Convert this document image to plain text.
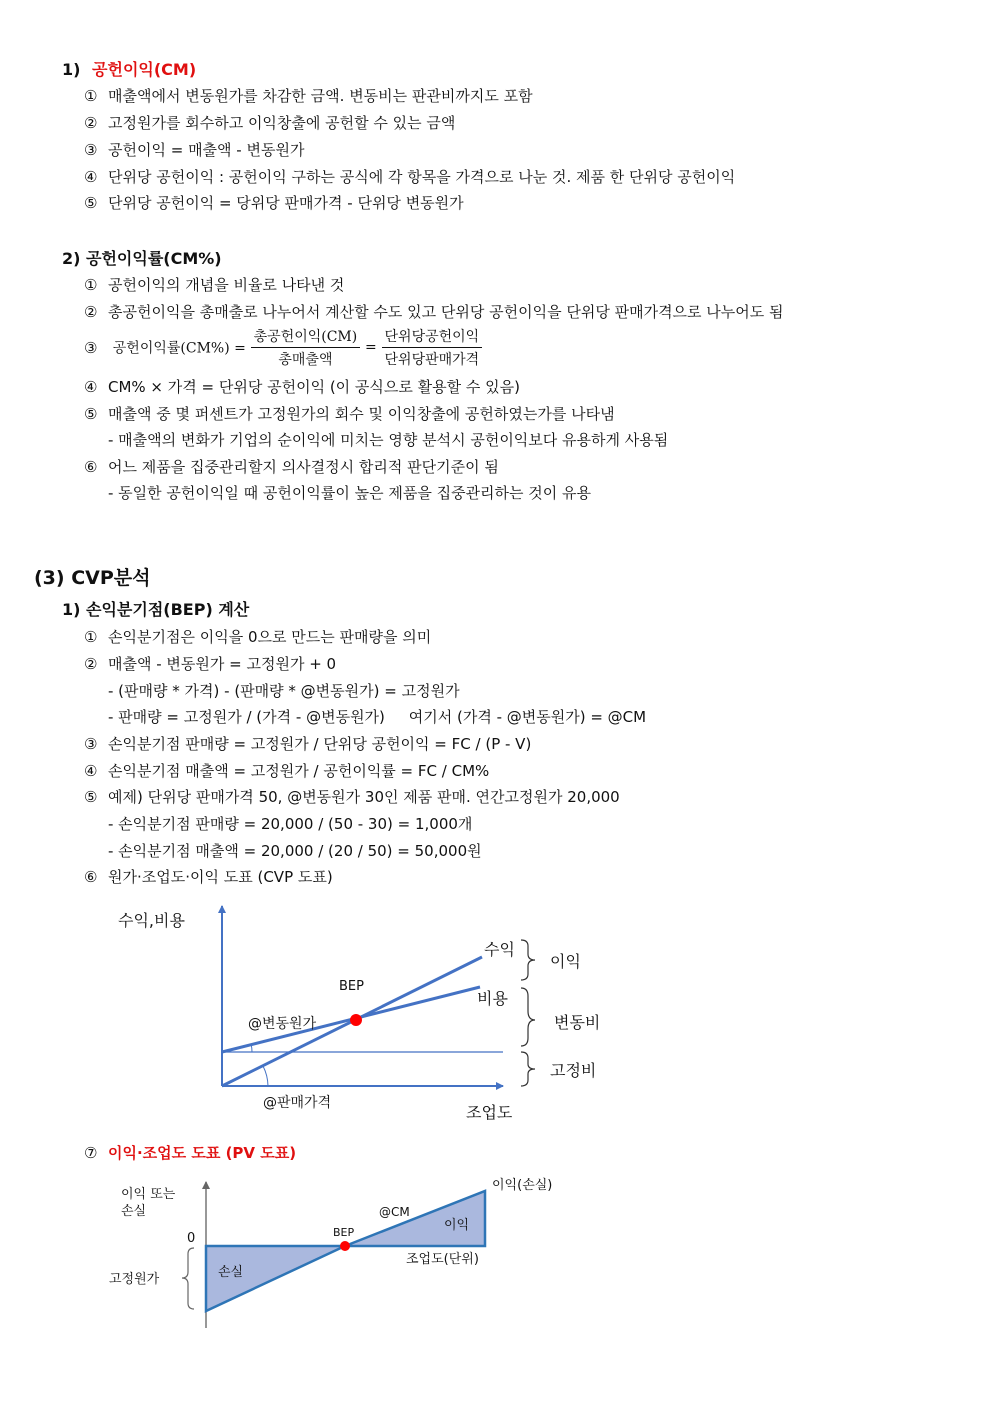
1) 공헌이익(CM)
① 매출액에서 변동원가를 차감한 금액. 변동비는 판관비까지도 포함
② 고정원가를 회수하고 이익창출에 공헌할 수 있는 금액
③ 공헌이익 = 매출액 - 변동원가
④ 단위당 공헌이익 : 공헌이익 구하는 공식에 각 항목을 가격으로 나눈 것. 제품 한 단위당 공헌이익
⑤ 단위당 공헌이익 = 당위당 판매가격 - 단위당 변동원가
2) 공헌이익률(CM%)
① 공헌이익의 개념을 비율로 나타낸 것
② 총공헌이익을 총매출로 나누어서 계산할 수도 있고 단위당 공헌이익을 단위당 판매가격으로 나누어도 됨
③ 공헌이익률$(CM\%) = \frac{\text{총공헌이익(CM)}}{\text{총매출액}} = \frac{\text{단위당공헌이익}}{\text{단위당판매가격}}$
④ CM% × 가격 = 단위당 공헌이익 (이 공식으로 활용할 수 있음)
⑤ 매출액 중 몇 퍼센트가 고정원가의 회수 및 이익창출에 공헌하였는가를 나타냄
- 매출액의 변화가 기업의 순이익에 미치는 영향 분석시 공헌이익보다 유용하게 사용됨
⑥ 어느 제품을 집중관리할지 의사결정시 합리적 판단기준이 됨
- 동일한 공헌이익일 때 공헌이익률이 높은 제품을 집중관리하는 것이 유용
(3) CVP분석
1) 손익분기점(BEP) 계산
① 손익분기점은 이익을 0으로 만드는 판매량을 의미
② 매출액 - 변동원가 = 고정원가 + 0
- (판매량 * 가격) - (판매량 * @변동원가) = 고정원가
- 판매량 = 고정원가 / (가격 - @변동원가)     여기서 (가격 - @변동원가) = @CM
③ 손익분기점 판매량 = 고정원가 / 단위당 공헌이익 = FC / (P - V)
④ 손익분기점 매출액 = 고정원가 / 공헌이익률 = FC / CM%
⑤ 예제) 단위당 판매가격 50, @변동원가 30인 제품 판매. 연간고정원가 20,000
- 손익분기점 판매량 = 20,000 / (50 - 30) = 1,000개
- 손익분기점 매출액 = 20,000 / (20 / 50) = 50,000원
⑥ 원가·조업도·이익 도표 (CVP 도표)
수익,비용
BEP
@변동원가
@판매가격
수익
비용
조업도
이익
변동비
고정비
⑦ 이익·조업도 도표 (PV 도표)
이익 또는
손실
0	BEP
@CM
이익
이익(손실)
조업도(단위)
손실
고정원가
